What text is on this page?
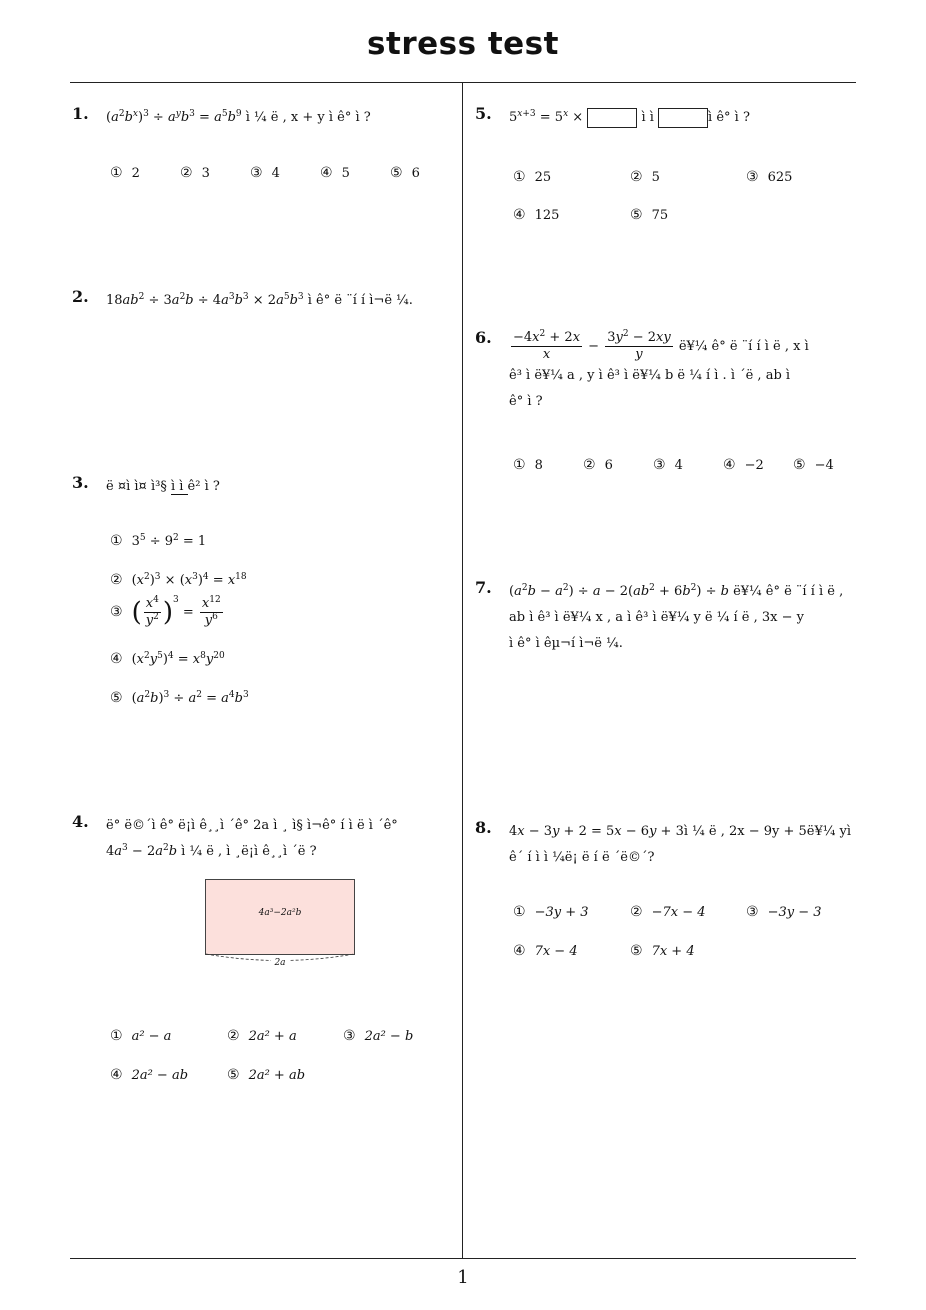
stress test
1
1. $(a^2b^x)^3 \div a^yb^3 = a^5b^9$ ì ¼ ë , x + y ì ê° ì ?
① 2	② 3	③ 4	④ 5	⑤ 6
2. $18ab^2 \div 3a^2b \div 4a^3b^3 \times 2a^5b^3$ ì ê° ë ¨í í ì¬ë ¼.
3. ë ¤ì ì¤ ì³§ ì ì ê² ì ?
① $3^5 \div 9^2 = 1$
② $(x^2)^3 \times (x^3)^4 = x^{18}$
③ ( $\frac{x^4}{y^2} )^3 = \frac{x^{12}}{y^6}$
④ $(x^2y^5)^4 = x^8y^{20}$
⑤ $(a^2b)^3 \div a^2 = a^4b^3$
4. ë° ë©´ì ê° ë¡ì ê¸¸ì ´ê° 2a ì ¸ ì§ ì¬ê° í ì ë ì ´ê°
$4a^3 - 2a^2b$ ì ¼ ë , ì ¸ë¡ì ê¸¸ì ´ë ?
4a³−2a²b
2a
① a² − a	② 2a² + a	③ 2a² − b
④ 2a² − ab	⑤ 2a² + ab
5. $5^{x+3} = 5^x$ ×	ì ì	ì ê° ì ?
① 25	② 5	③ 625
④ 125	⑤ 75
6. $\frac{-4x^2 + 2x}{x} - \frac{3y^2 - 2xy}{y}$ ë¥¼ ê° ë ¨í í ì ë , x ì
ê³ ì ë¥¼ a , y ì ê³ ì ë¥¼ b ë ¼ í ì . ì ´ë , ab ì
ê° ì ?
① 8	② 6	③ 4	④ −2 ⑤ −4
7. $(a^2b - a^2) \div a - 2(ab^2 + 6b^2) \div b$ ë¥¼ ê° ë ¨í í ì ë ,
ab ì ê³ ì ë¥¼ x , a ì ê³ ì ë¥¼ y ë ¼ í ë , 3x − y
ì ê° ì êµ¬í ì¬ë ¼.
8. 4x − 3y + 2 = 5x − 6y + 3ì ¼ ë , 2x − 9y + 5ë¥¼ yì
ê´ í ì ì ¼ë¡ ë í ë ´ë©´?
① −3y + 3	② −7x − 4	③ −3y − 3
④ 7x − 4	⑤ 7x + 4
